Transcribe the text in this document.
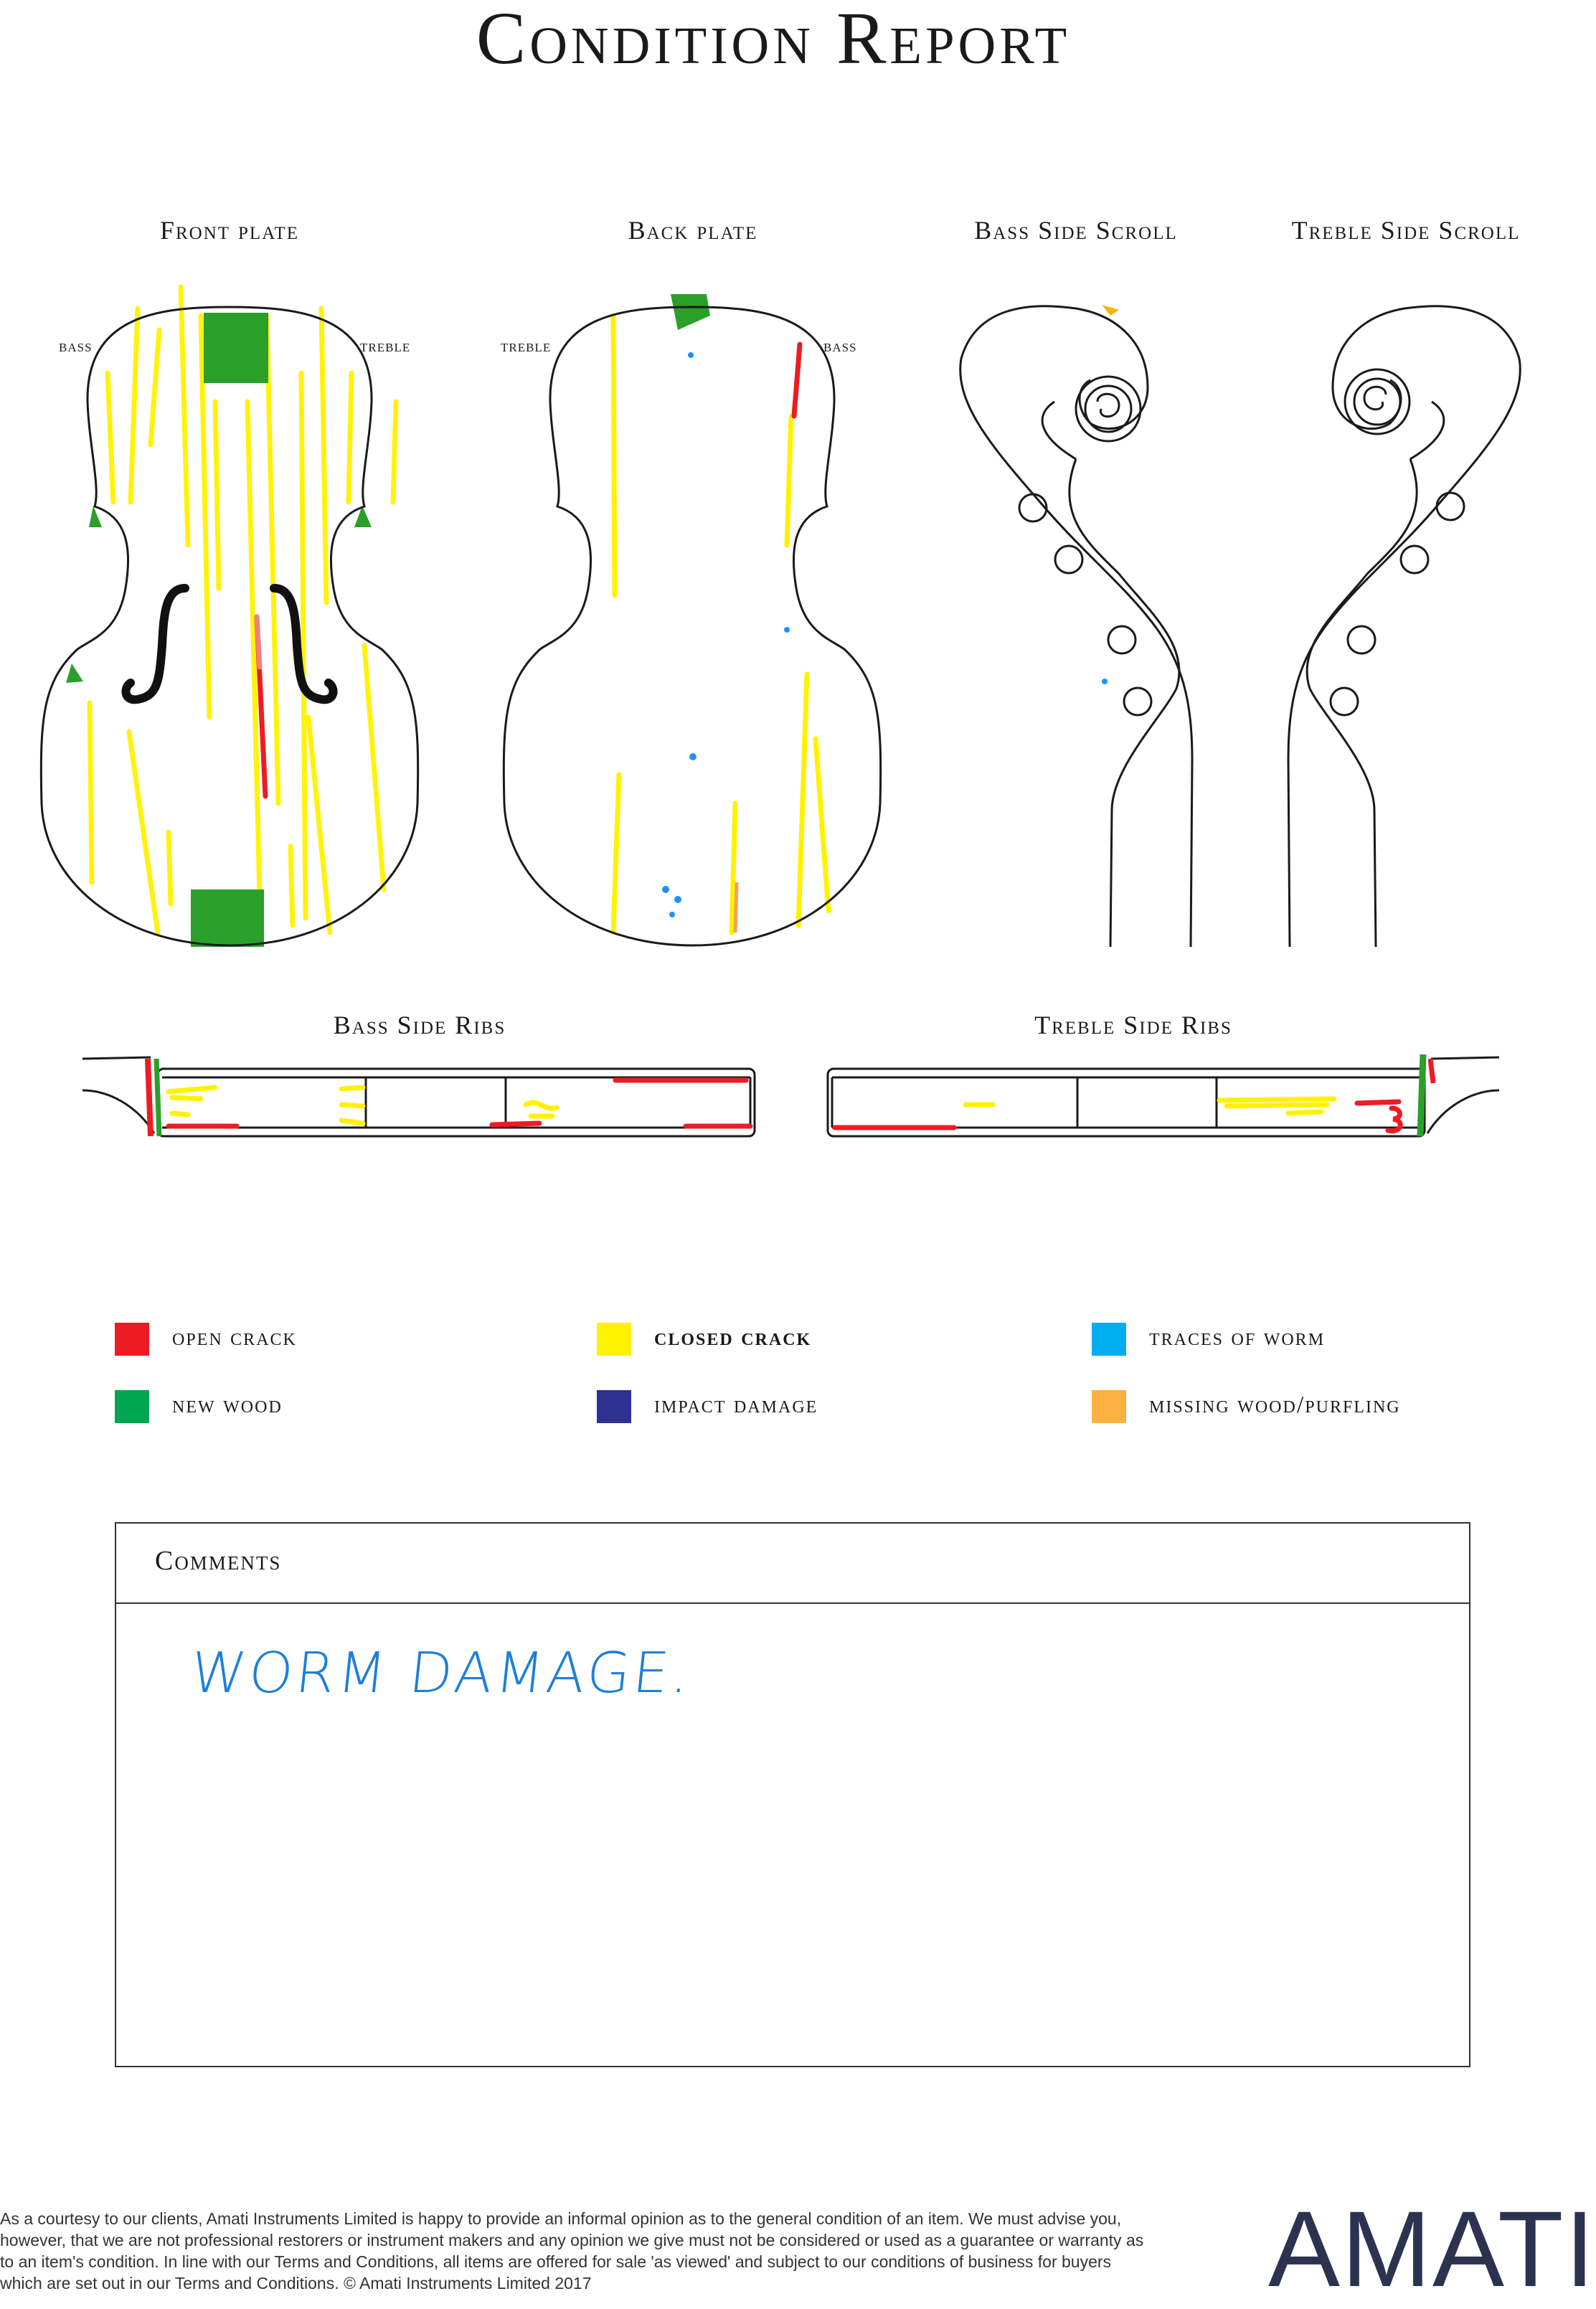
Condition Report
Front plate	Back plate	Bass Side Scroll	Treble Side Scroll
bass	treble	treble	bass
Bass Side Ribs	Treble Side Ribs
open crack	closed crack	traces of worm
new wood	impact damage	missing wood/purfling
Comments
WORM DAMAGE.
As a courtesy to our clients, Amati Instruments Limited is happy to provide an informal opinion as to the general condition of an item. We must advise you, however, that we are not professional restorers or instrument makers and any opinion we give must not be considered or used as a guarantee or warranty as to an item's condition. In line with our Terms and Conditions, all items are offered for sale 'as viewed' and subject to our conditions of business for buyers which are set out in our Terms and Conditions. © Amati Instruments Limited 2017	AMATI
